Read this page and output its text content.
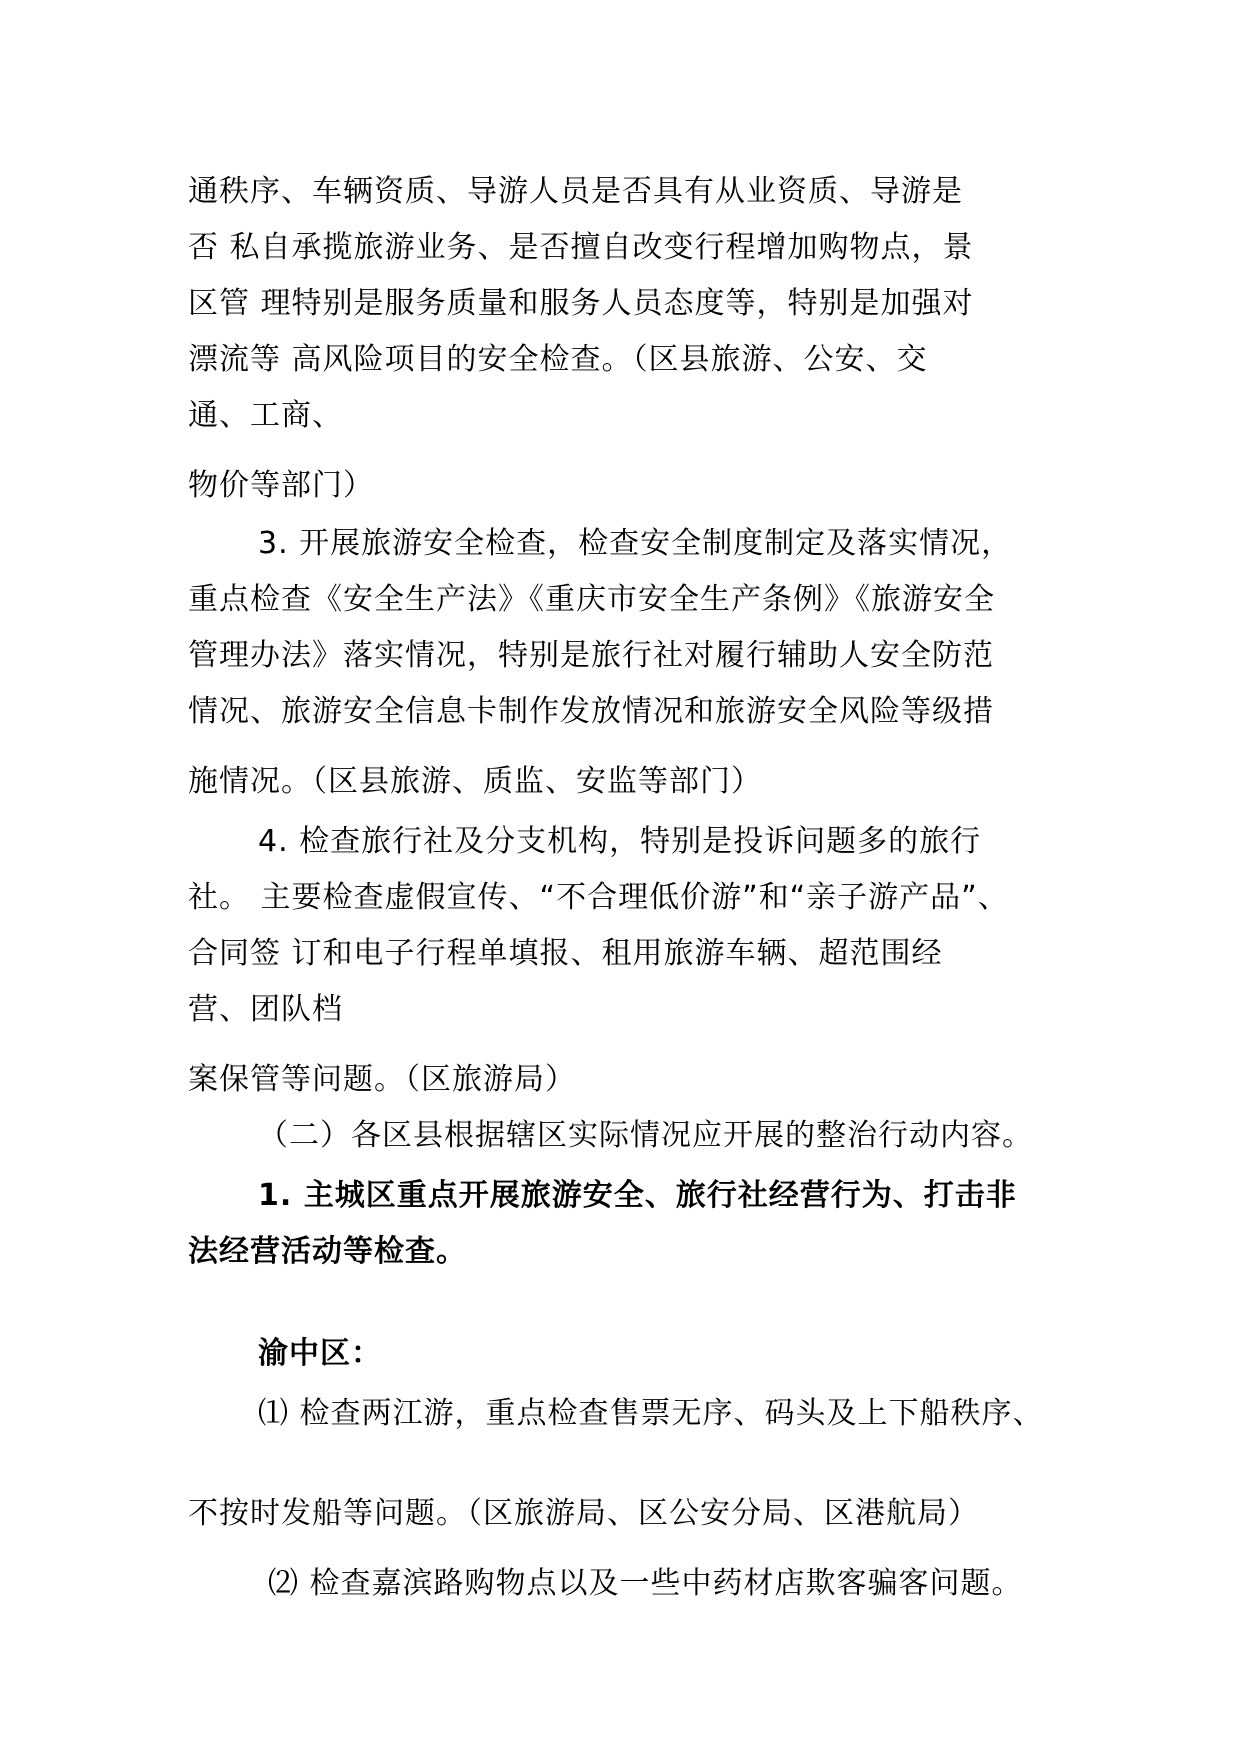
通秩序、车辆资质、导游人员是否具有从业资质、导游是
否 私自承揽旅游业务、是否擅自改变行程增加购物点，景
区管 理特别是服务质量和服务人员态度等，特别是加强对
漂流等 高风险项目的安全检查。（区县旅游、公安、交
通、工商、
物价等部门）
3. 开展旅游安全检查，检查安全制度制定及落实情况，
重点检查《安全生产法》《重庆市安全生产条例》《旅游安全
管理办法》落实情况，特别是旅行社对履行辅助人安全防范
情况、旅游安全信息卡制作发放情况和旅游安全风险等级措
施情况。（区县旅游、质监、安监等部门）
4. 检查旅行社及分支机构，特别是投诉问题多的旅行
社。 主要检查虚假宣传、“不合理低价游”和“亲子游产品”、
合同签 订和电子行程单填报、租用旅游车辆、超范围经
营、团队档
案保管等问题。（区旅游局）
（二）各区县根据辖区实际情况应开展的整治行动内容。
1. 主城区重点开展旅游安全、旅行社经营行为、打击非
法经营活动等检查。
渝中区：
⑴ 检查两江游，重点检查售票无序、码头及上下船秩序、
不按时发船等问题。（区旅游局、区公安分局、区港航局）
⑵ 检查嘉滨路购物点以及一些中药材店欺客骗客问题。
